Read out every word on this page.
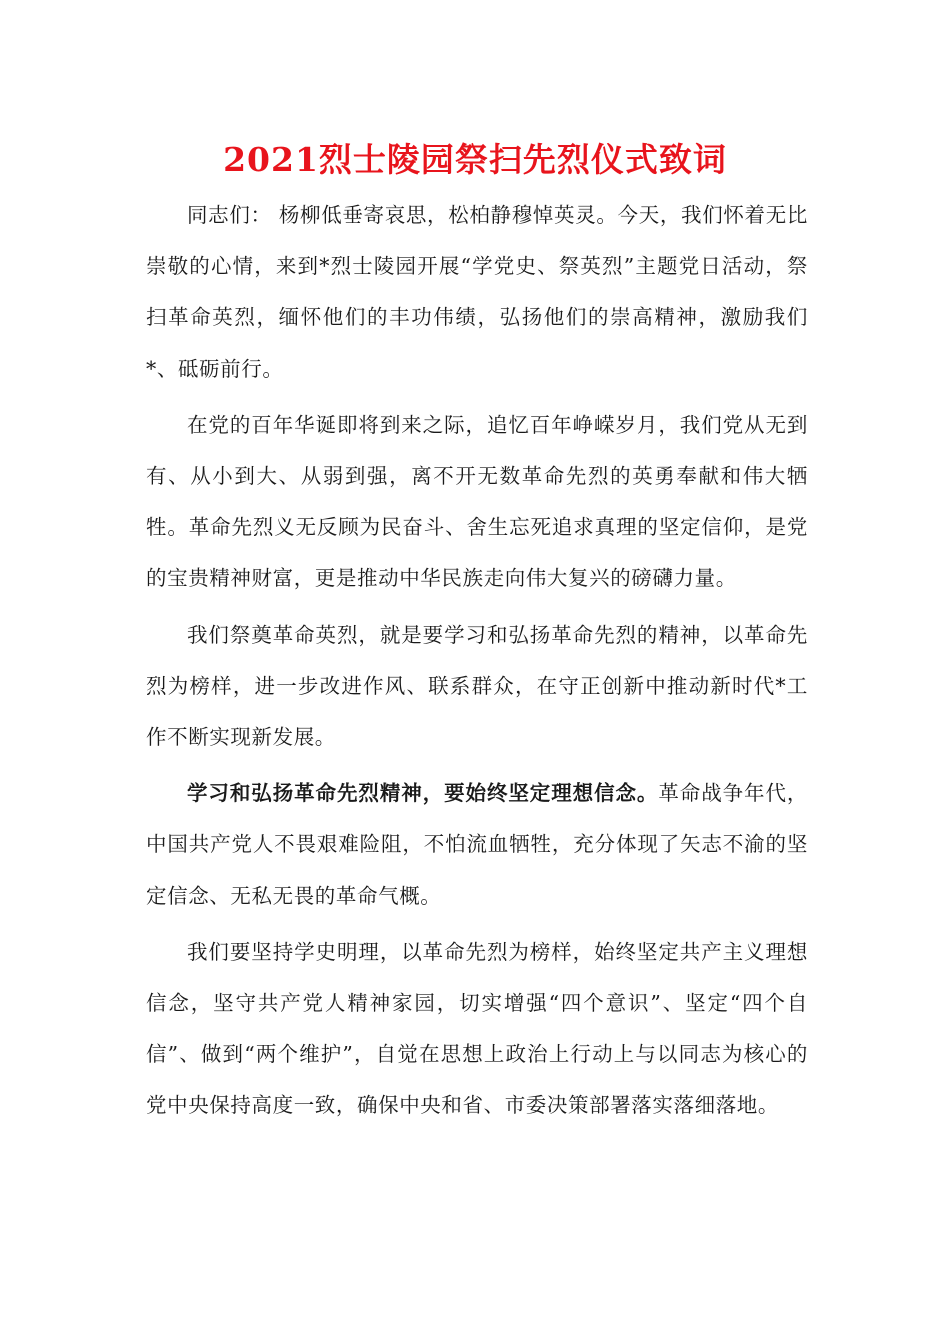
2021烈士陵园祭扫先烈仪式致词

同志们： 杨柳低垂寄哀思，松柏静穆悼英灵。今天，我们怀着无比崇敬的心情，来到*烈士陵园开展“学党史、祭英烈”主题党日活动，祭扫革命英烈，缅怀他们的丰功伟绩，弘扬他们的崇高精神，激励我们*、砥砺前行。

在党的百年华诞即将到来之际，追忆百年峥嵘岁月，我们党从无到有、从小到大、从弱到强，离不开无数革命先烈的英勇奉献和伟大牺牲。革命先烈义无反顾为民奋斗、舍生忘死追求真理的坚定信仰，是党的宝贵精神财富，更是推动中华民族走向伟大复兴的磅礴力量。

我们祭奠革命英烈，就是要学习和弘扬革命先烈的精神，以革命先烈为榜样，进一步改进作风、联系群众，在守正创新中推动新时代*工作不断实现新发展。

学习和弘扬革命先烈精神，要始终坚定理想信念。革命战争年代，中国共产党人不畏艰难险阻，不怕流血牺牲，充分体现了矢志不渝的坚定信念、无私无畏的革命气概。

我们要坚持学史明理，以革命先烈为榜样，始终坚定共产主义理想信念，坚守共产党人精神家园，切实增强“四个意识”、坚定“四个自信”、做到“两个维护”，自觉在思想上政治上行动上与以同志为核心的党中央保持高度一致，确保中央和省、市委决策部署落实落细落地。
